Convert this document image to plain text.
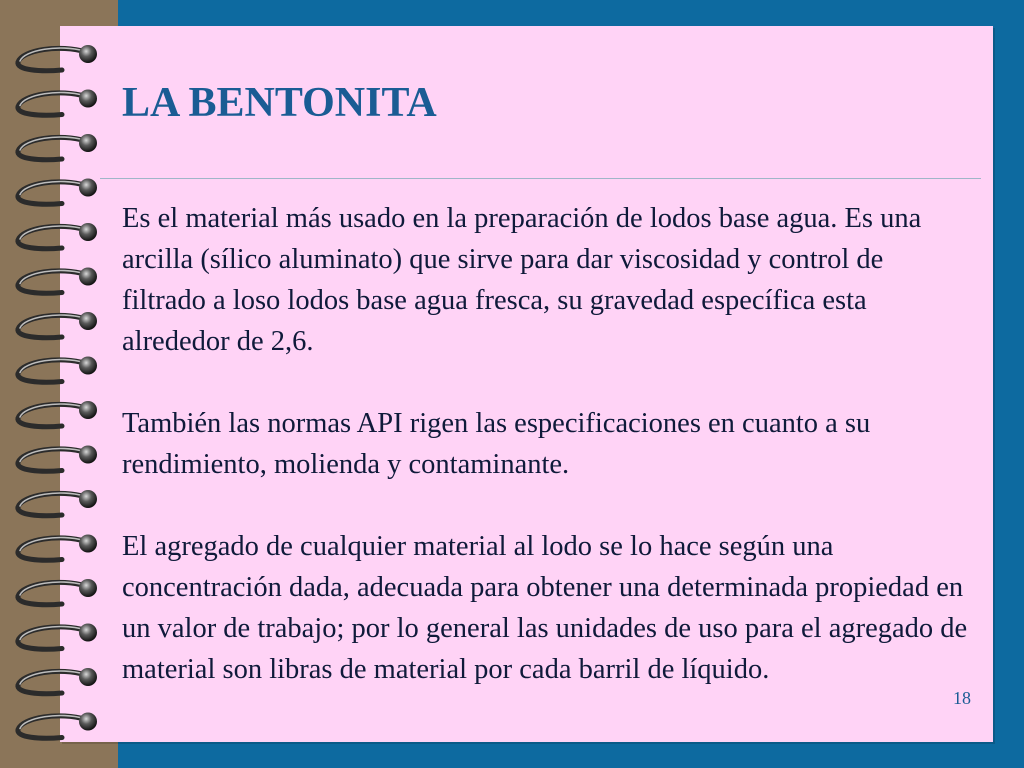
LA BENTONITA

Es el material más usado en la preparación de lodos base agua. Es una arcilla (sílico aluminato) que sirve para dar viscosidad y control de filtrado a loso lodos base agua fresca, su gravedad específica esta alrededor de 2,6.

También las normas API rigen las especificaciones en cuanto a su rendimiento, molienda y contaminante.

El agregado de cualquier material al lodo se lo hace según una concentración dada, adecuada para obtener una determinada propiedad en un valor de trabajo; por lo general las unidades de uso para el agregado de material son libras de material por cada barril de líquido.

18
